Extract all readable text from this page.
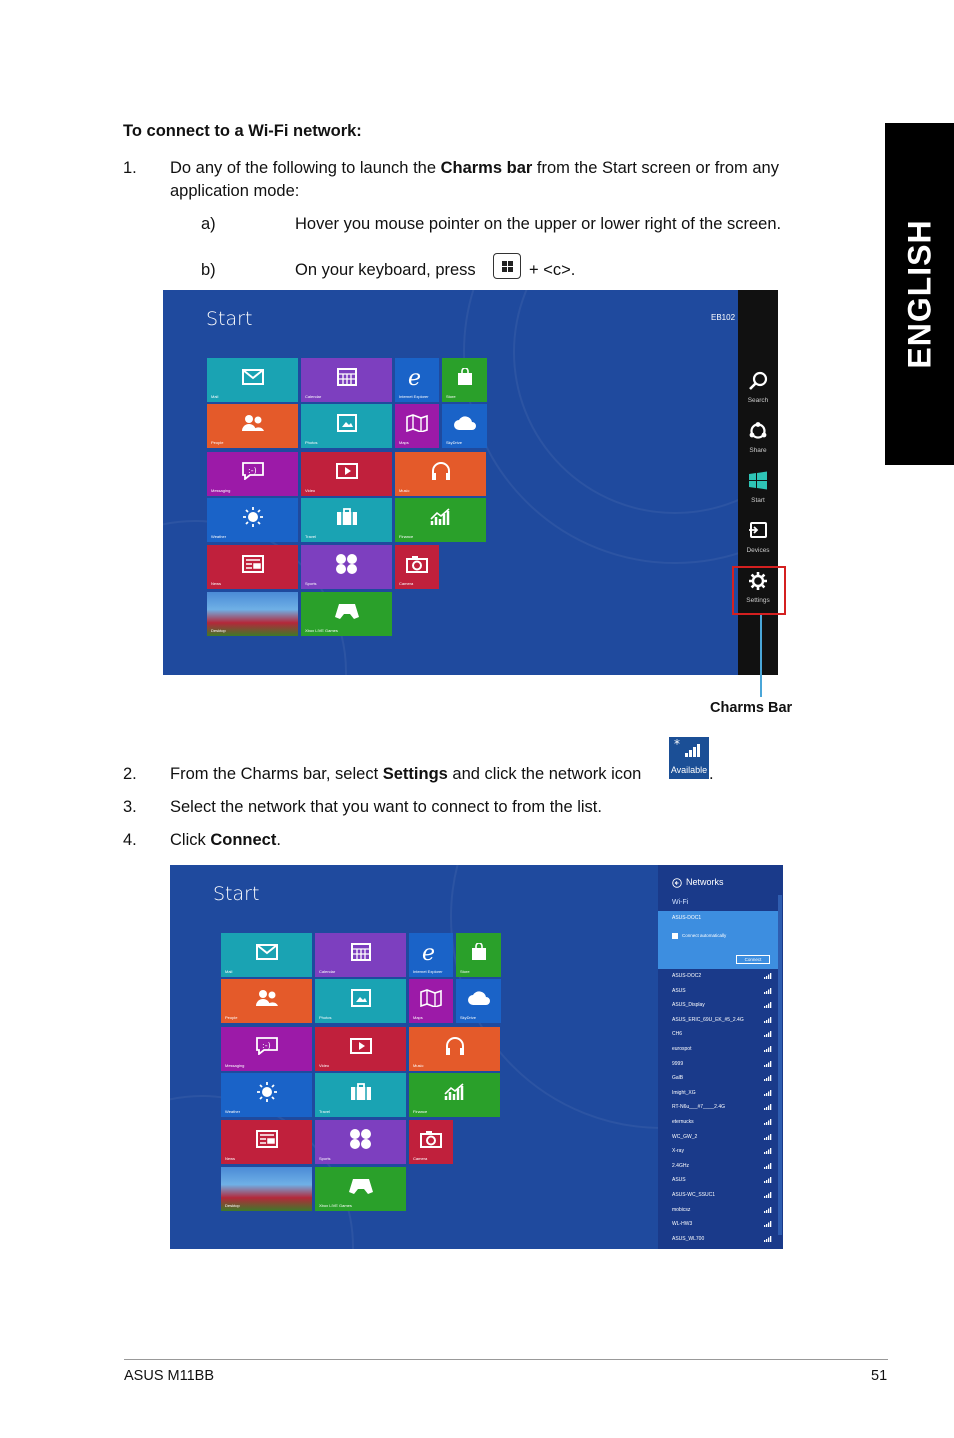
ENGLISH
To connect to a Wi-Fi network:
1. Do any of the following to launch the Charms bar from the Start screen or from any
application mode:
a)	Hover you mouse pointer on the upper or lower right of the screen.
b)	On your keyboard, press	+ <c>.
Start	EB102
Mail	Calendar
e
Internet Explorer	Store
People	Photos	Maps	SkyDrive
:-)
Messaging	Video	Music
Weather	Travel	Finance
News	Sports	Camera
Desktop	Xbox LIVE Games
Search
Share
Start
Devices
Settings
Charms Bar
2. From the Charms bar, select Settings and click the network icon
*
Available .
3. Select the network that you want to connect to from the list.
4. Click Connect.
Start
Mail	Calendar
e
Internet Explorer	Store
People	Photos	Maps	SkyDrive
:-)
Messaging	Video	Music
Weather	Travel	Finance
News	Sports	Camera
Desktop	Xbox LIVE Games
Networks
Wi-Fi
ASUS-DOC1
Connect automatically
Connect
ASUS-DOC2
ASUS
ASUS_Display
ASUS_ERIC_69U_EK_#5_2.4G
CH6
eurospot
9999
GalB
Imight_XG
RT-N6u___#7____2.4G
eternucks
WC_GW_2
X-ray
2.4GHz
ASUS
ASUS-WC_SSUC1
mobicsz
WL-HW3
ASUS_WL700
ASUS M11BB	51
